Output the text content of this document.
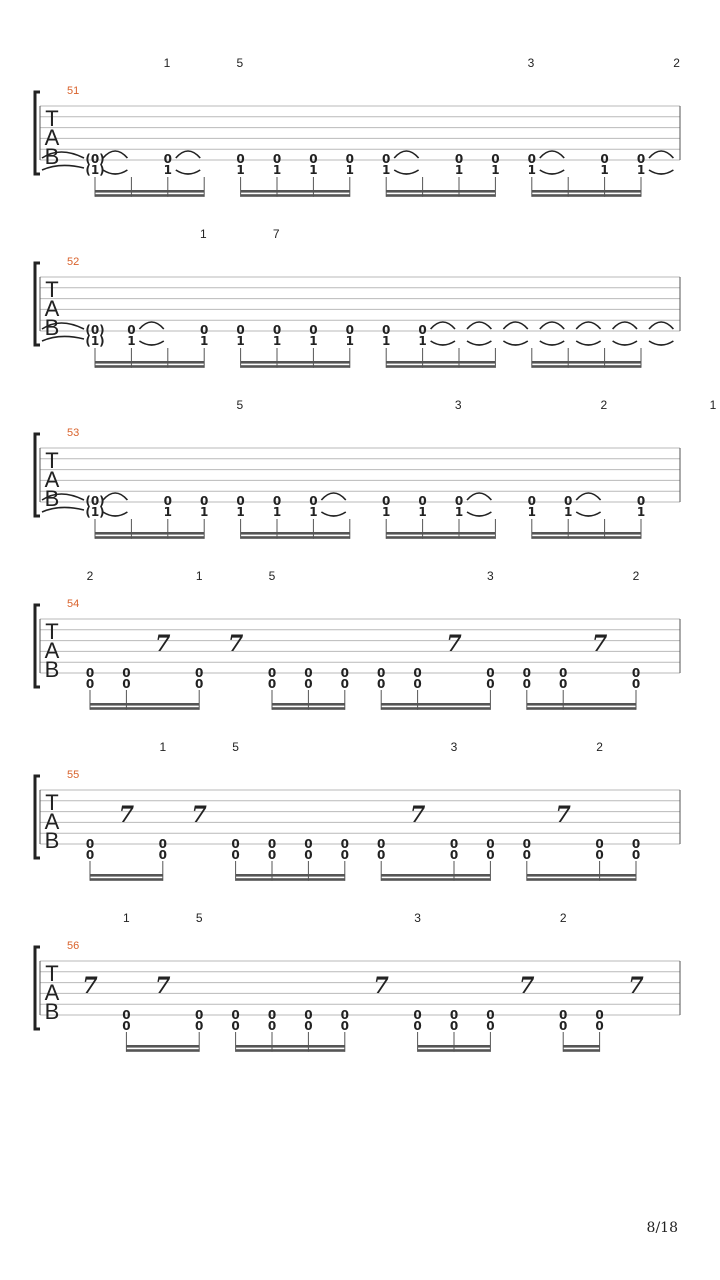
T
A
B
51
1	5	3	2
(0)
(1)
0
1
0
1
0
1
0
1
0
1
0
1
0
1
0
1
0
1
0
1
0
1
T
A
B
52
1	7
(0)
(1)
0
1
0
1
0
1
0
1
0
1
0
1
0
1
0
1
T
A
B
53
5	3	2	1
(0)
(1)
0
1
0
1
0
1
0
1
0
1
0
1
0
1
0
1
0
1
0
1
0
1
T
A
B
54
2	1	5	3	2
0
0
0
0
7
0
0
7
0
0
0
0
0
0
0
0
0
0
7
0
0
0
0
0
0
7
0
0
T
A
B
55
1	5	3	2
0
0
7
0
0
7
0
0
0
0
0
0
0
0
0
0
7
0
0
0
0
0
0
7
0
0
0
0
T
A
B
56
1	5	3	2
7
0
0
7
0
0
0
0
0
0
0
0
0
0
7
0
0
0
0
0
0
7
0
0
0
0
7
8/18
